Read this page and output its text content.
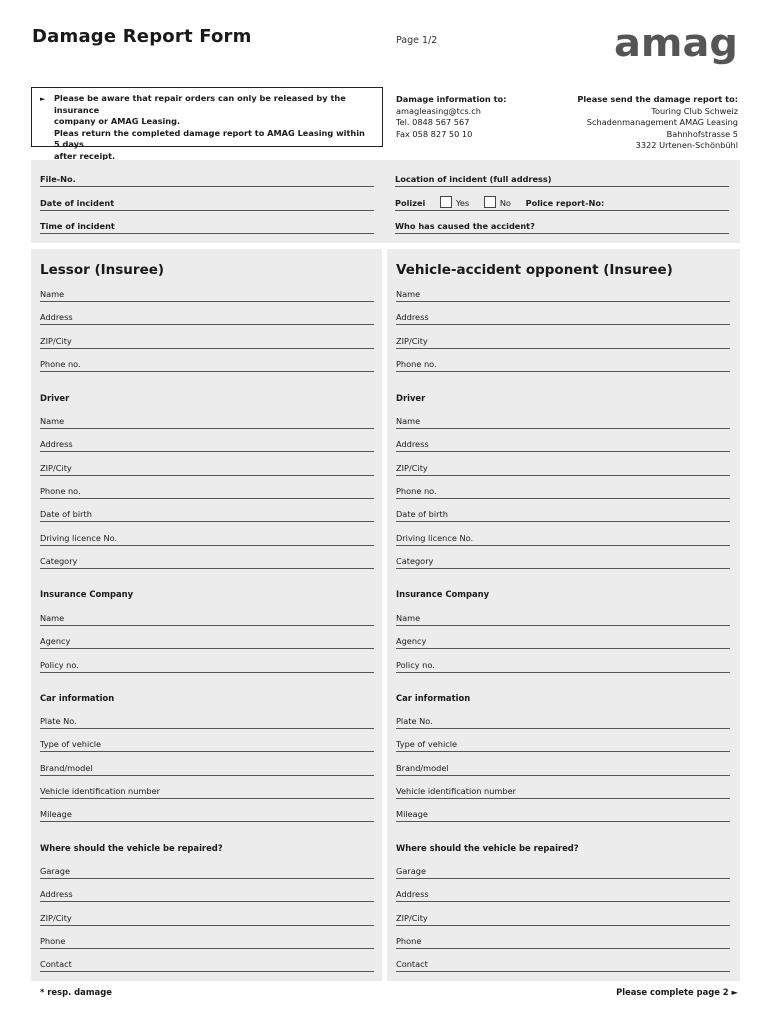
Damage Report Form	Page 1/2	amag
► Please be aware that repair orders can only be released by the insurance
company or AMAG Leasing.
Pleas return the completed damage report to AMAG Leasing within 5 days
after receipt.
Damage information to:
amagleasing@tcs.ch
Tel. 0848 567 567
Fax 058 827 50 10
Please send the damage report to:
Touring Club Schweiz
Schadenmanagement AMAG Leasing
Bahnhofstrasse 5
3322 Urtenen-Schönbühl
File-No.
Date of incident
Time of incident
Location of incident (full address)
Polizei	Yes	No Police report-No:
Who has caused the accident?
Lessor (Insuree)
Name
Address
ZIP/City
Phone no.
Driver
Name
Address
ZIP/City
Phone no.
Date of birth
Driving licence No.
Category
Insurance Company
Name
Agency
Policy no.
Car information
Plate No.
Type of vehicle
Brand/model
Vehicle identification number
Mileage
Where should the vehicle be repaired?
Garage
Address
ZIP/City
Phone
Contact
Vehicle-accident opponent (Insuree)
Name
Address
ZIP/City
Phone no.
Driver
Name
Address
ZIP/City
Phone no.
Date of birth
Driving licence No.
Category
Insurance Company
Name
Agency
Policy no.
Car information
Plate No.
Type of vehicle
Brand/model
Vehicle identification number
Mileage
Where should the vehicle be repaired?
Garage
Address
ZIP/City
Phone
Contact
* resp. damage	Please complete page 2 ►
